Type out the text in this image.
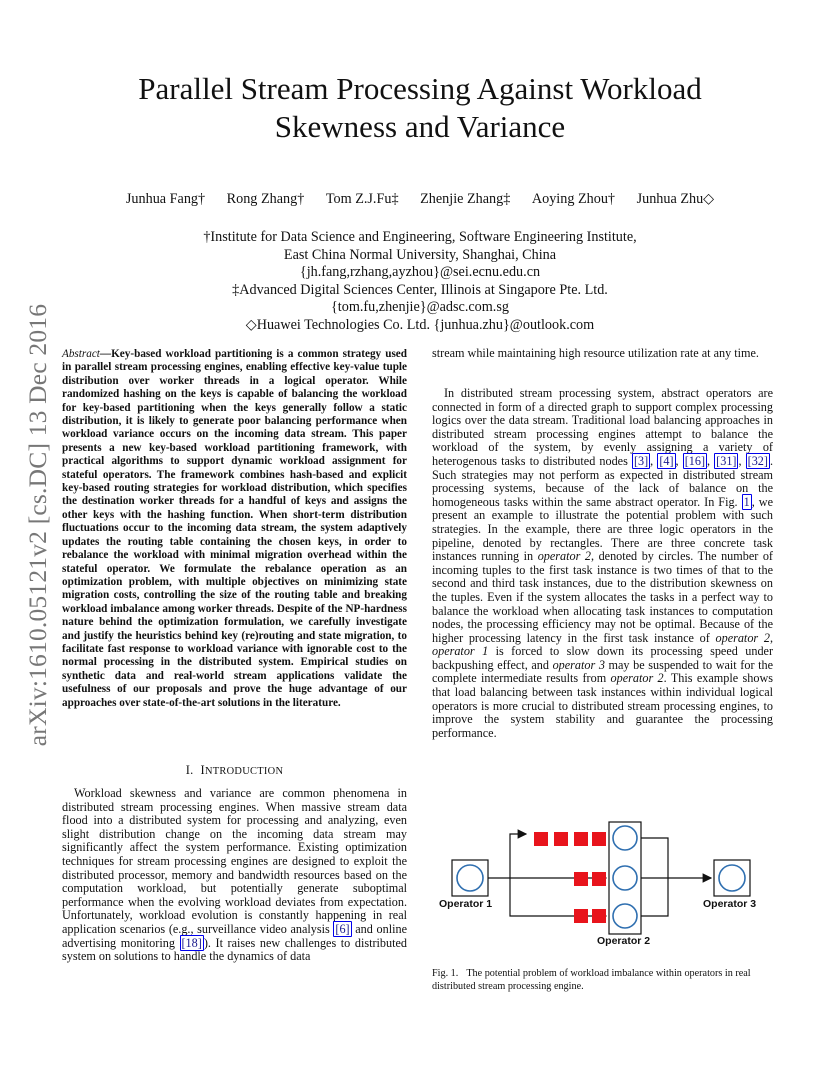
arXiv:1610.05121v2 [cs.DC] 13 Dec 2016
Parallel Stream Processing Against Workload
Skewness and Variance
Junhua Fang† Rong Zhang† Tom Z.J.Fu‡ Zhenjie Zhang‡ Aoying Zhou† Junhua Zhu◇
†Institute for Data Science and Engineering, Software Engineering Institute,
East China Normal University, Shanghai, China
{jh.fang,rzhang,ayzhou}@sei.ecnu.edu.cn
‡Advanced Digital Sciences Center, Illinois at Singapore Pte. Ltd.
{tom.fu,zhenjie}@adsc.com.sg
◇Huawei Technologies Co. Ltd. {junhua.zhu}@outlook.com
Abstract—Key-based workload partitioning is a common strategy used in parallel stream processing engines, enabling effective key-value tuple distribution over worker threads in a logical operator. While randomized hashing on the keys is capable of balancing the workload for key-based partitioning when the keys generally follow a static distribution, it is likely to generate poor balancing performance when workload variance occurs on the incoming data stream. This paper presents a new key-based workload partitioning framework, with practical algorithms to support dynamic workload assignment for stateful operators. The framework combines hash-based and explicit key-based routing strategies for workload distribution, which specifies the destination worker threads for a handful of keys and assigns the other keys with the hashing function. When short-term distribution fluctuations occur to the incoming data stream, the system adaptively updates the routing table containing the chosen keys, in order to rebalance the workload with minimal migration overhead within the stateful operator. We formulate the rebalance operation as an optimization problem, with multiple objectives on minimizing state migration costs, controlling the size of the routing table and breaking workload imbalance among worker threads. Despite of the NP-hardness nature behind the optimization formulation, we carefully investigate and justify the heuristics behind key (re)routing and state migration, to facilitate fast response to workload variance with ignorable cost to the normal processing in the distributed system. Empirical studies on synthetic data and real-world stream applications validate the usefulness of our proposals and prove the huge advantage of our approaches over state-of-the-art solutions in the literature.
I. INTRODUCTION
Workload skewness and variance are common phenomena in distributed stream processing engines. When massive stream data flood into a distributed system for processing and analyzing, even slight distribution change on the incoming data stream may significantly affect the system performance. Existing optimization techniques for stream processing engines are designed to exploit the distributed processor, memory and bandwidth resources based on the computation workload, but potentially generate suboptimal performance when the evolving workload deviates from expectation. Unfortunately, workload evolution is constantly happening in real application scenarios (e.g., surveillance video analysis [6] and online advertising monitoring [18] ). It raises new challenges to distributed system on solutions to handle the dynamics of data
stream while maintaining high resource utilization rate at any time.
In distributed stream processing system, abstract operators are connected in form of a directed graph to support complex processing logics over the data stream. Traditional load balancing approaches in distributed stream processing engines attempt to balance the workload of the system, by evenly assigning a variety of heterogenous tasks to distributed nodes [3] , [4] , [16] , [31] , [32] . Such strategies may not perform as expected in distributed stream processing systems, because of the lack of balance on the homogeneous tasks within the same abstract operator. In Fig. 1 , we present an example to illustrate the potential problem with such strategies. In the example, there are three logic operators in the pipeline, denoted by rectangles. There are three concrete task instances running in operator 2, denoted by circles. The number of incoming tuples to the first task instance is two times of that to the second and third task instances, due to the distribution skewness on the tuples. Even if the system allocates the tasks in a perfect way to balance the workload when allocating task instances to computation nodes, the processing efficiency may not be optimal. Because of the higher processing latency in the first task instance of operator 2, operator 1 is forced to slow down its processing speed under backpushing effect, and operator 3 may be suspended to wait for the complete intermediate results from operator 2. This example shows that load balancing between task instances within individual logical operators is more crucial to distributed stream processing engines, to improve the system stability and guarantee the processing performance.
Operator 1
Operator 2
Operator 3
Fig. 1. The potential problem of workload imbalance within operators in real distributed stream processing engine.
